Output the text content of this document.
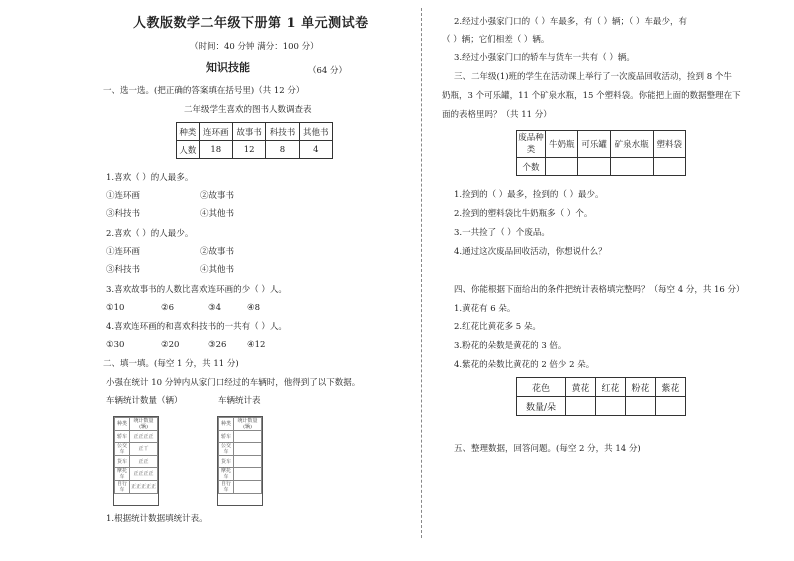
人教版数学二年级下册第 1 单元测试卷
（时间：40 分钟 满分：100 分）
知识技能	（64 分）
一、选一选。(把正确的答案填在括号里)（共 12 分）
二年级学生喜欢的图书人数调查表
种类	连环画	故事书	科技书	其他书
人数	18	12	8	4
1.喜欢（ ）的人最多。
①连环画	②故事书
③科技书	④其他书
2.喜欢（ ）的人最少。
①连环画	②故事书
③科技书	④其他书
3.喜欢故事书的人数比喜欢连环画的少（ ）人。
①10	②6	③4	④8
4.喜欢连环画的和喜欢科技书的一共有（ ）人。
①30	②20	③26 ④12
二、填一填。(每空 1 分，共 11 分)
小强在统计 10 分钟内从家门口经过的车辆时，他得到了以下数据。
车辆统计数量（辆）	车辆统计表
种类	统计数量(辆)
轿车	正正正正
公交车	正丅
货车	正正
摩托车	正正正正
自行车	正正正正正
种类	统计数量(辆)
轿车	
公交车	
货车	
摩托车	
自行车	
1.根据统计数据填统计表。
2.经过小强家门口的（ ）车最多，有（ ）辆；（ ）车最少，有
（ ）辆；它们相差（ ）辆。
3.经过小强家门口的轿车与货车一共有（ ）辆。
三、二年级(1)班的学生在活动课上举行了一次废品回收活动，捡到 8 个牛
奶瓶，3 个可乐罐，11 个矿泉水瓶，15 个塑料袋。你能把上面的数据整理在下
面的表格里吗？（共 11 分）
废品种类	牛奶瓶	可乐罐	矿泉水瓶	塑料袋
个数				
1.捡到的（ ）最多，捡到的（ ）最少。
2.捡到的塑料袋比牛奶瓶多（ ）个。
3.一共捡了（ ）个废品。
4.通过这次废品回收活动，你想说什么？
四、你能根据下面给出的条件把统计表格填完整吗？（每空 4 分，共 16 分）
1.黄花有 6 朵。
2.红花比黄花多 5 朵。
3.粉花的朵数是黄花的 3 倍。
4.紫花的朵数比黄花的 2 倍少 2 朵。
花色	黄花	红花	粉花	紫花
数量/朵				
五、整理数据，回答问题。(每空 2 分，共 14 分)
